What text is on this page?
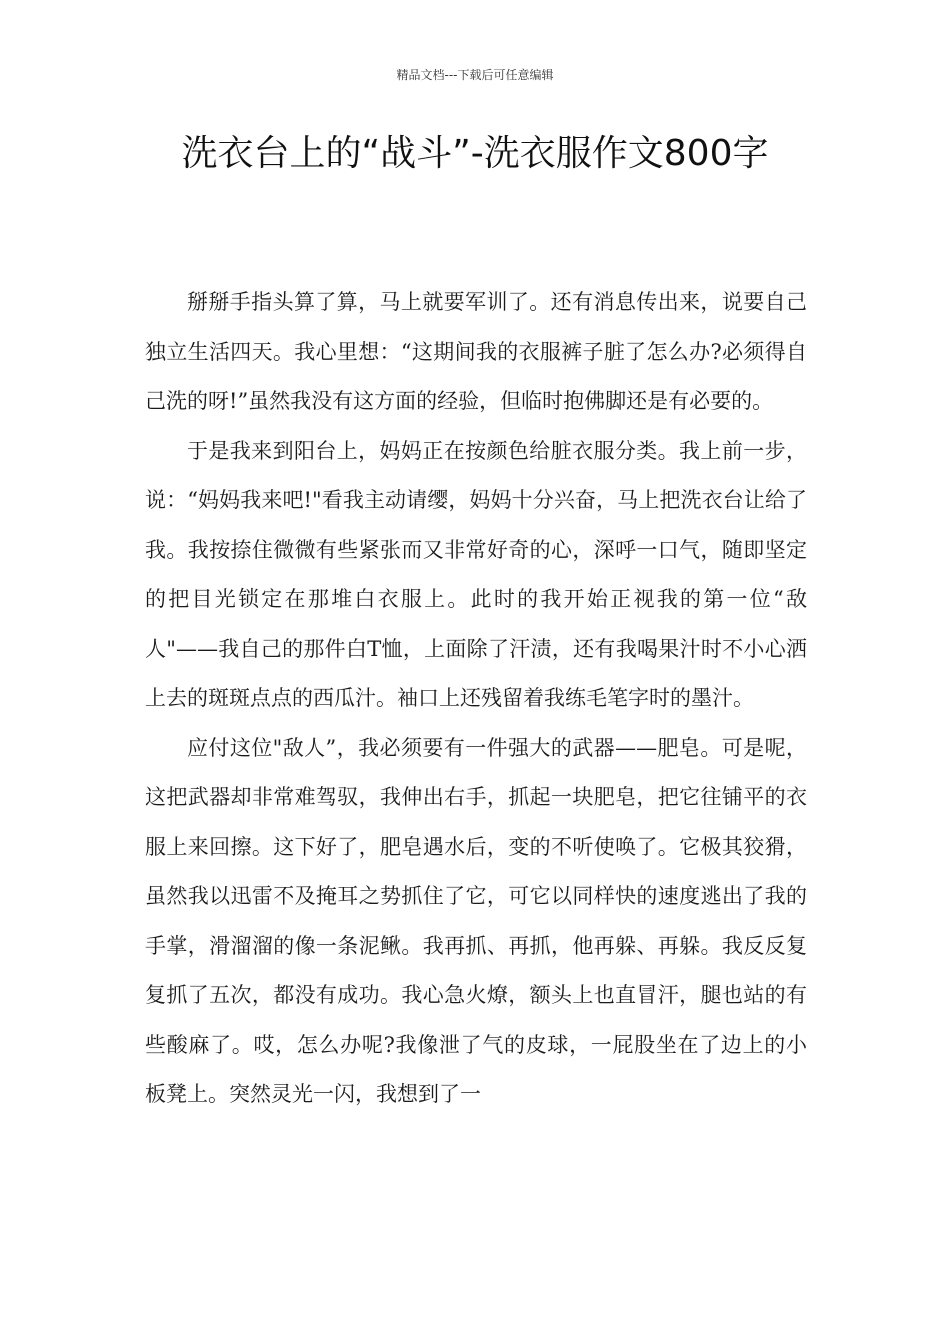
精品文档---下载后可任意编辑
洗衣台上的“战斗”-洗衣服作文800字

掰掰手指头算了算，马上就要军训了。还有消息传出来，说要自己独立生活四天。我心里想：“这期间我的衣服裤子脏了怎么办?必须得自己洗的呀!”虽然我没有这方面的经验，但临时抱佛脚还是有必要的。

于是我来到阳台上，妈妈正在按颜色给脏衣服分类。我上前一步，说：“妈妈我来吧!"看我主动请缨，妈妈十分兴奋，马上把洗衣台让给了我。我按捺住微微有些紧张而又非常好奇的心，深呼一口气，随即坚定的把目光锁定在那堆白衣服上。此时的我开始正视我的第一位“敌人"——我自己的那件白T恤，上面除了汗渍，还有我喝果汁时不小心洒上去的斑斑点点的西瓜汁。袖口上还残留着我练毛笔字时的墨汁。

应付这位"敌人”，我必须要有一件强大的武器——肥皂。可是呢，这把武器却非常难驾驭，我伸出右手，抓起一块肥皂，把它往铺平的衣服上来回擦。这下好了，肥皂遇水后，变的不听使唤了。它极其狡猾，虽然我以迅雷不及掩耳之势抓住了它，可它以同样快的速度逃出了我的手掌，滑溜溜的像一条泥鳅。我再抓、再抓，他再躲、再躲。我反反复复抓了五次，都没有成功。我心急火燎，额头上也直冒汗，腿也站的有些酸麻了。哎，怎么办呢?我像泄了气的皮球，一屁股坐在了边上的小板凳上。突然灵光一闪，我想到了一
